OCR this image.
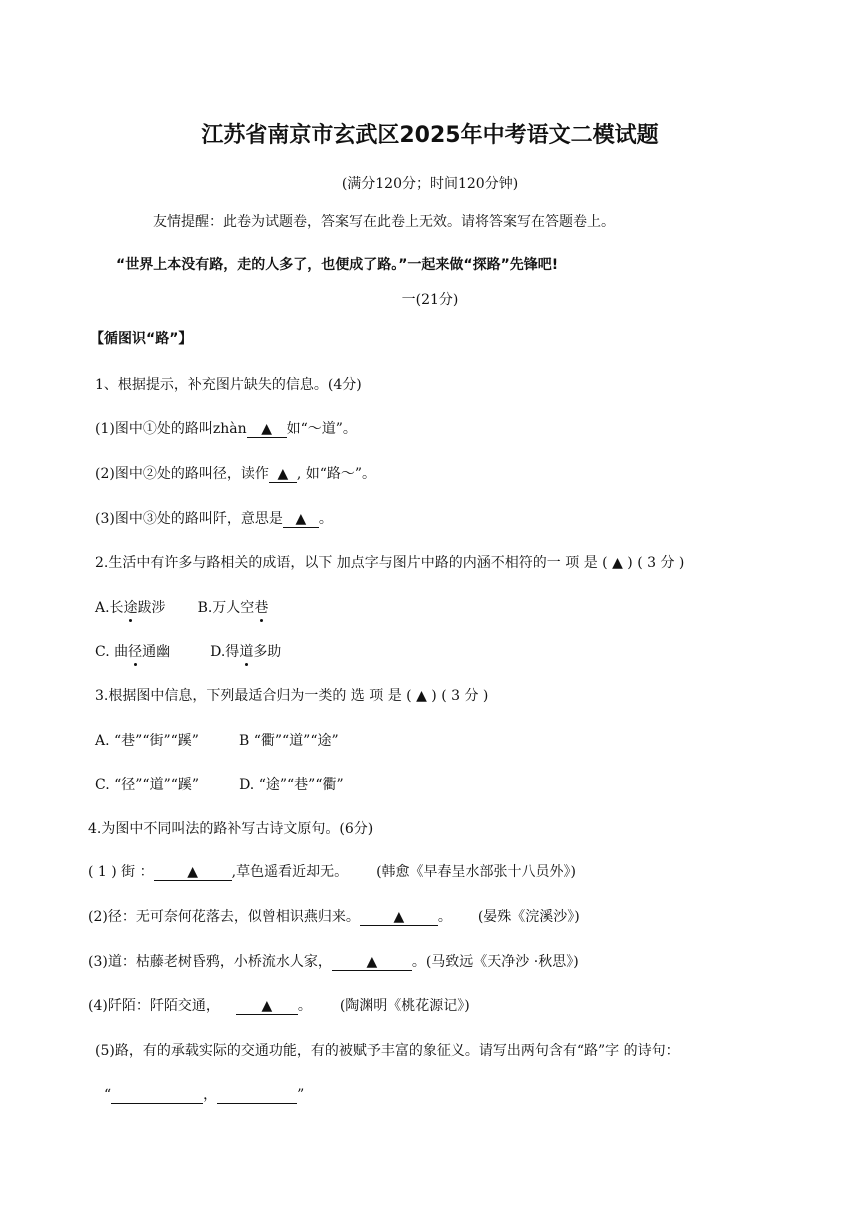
江苏省南京市玄武区2025年中考语文二模试题
(满分120分；时间120分钟)
友情提醒：此卷为试题卷，答案写在此卷上无效。请将答案写在答题卷上。
“世界上本没有路，走的人多了，也便成了路。”一起来做“探路”先锋吧!
一(21分)
【循图识“路”】
1、根据提示，补充图片缺失的信息。(4分)
(1)图中①处的路叫zhàn ▲ 如“～道”。
(2)图中②处的路叫径，读作 ▲ , 如“路～”。
(3)图中③处的路叫阡，意思是 ▲ 。
2.生活中有许多与路相关的成语，以下 加点字与图片中路的内涵不相符的一 项 是 ( ▲ ) ( 3 分 )
A.长途跋涉 B.万人空巷
C. 曲径通幽	D.得道多助
3.根据图中信息，下列最适合归为一类的 选 项 是 ( ▲ ) ( 3 分 )
A. “巷”“街”“蹊”	B “衢”“道”“途”
C. “径”“道”“蹊”	D. “途”“巷”“衢”
4.为图中不同叫法的路补写古诗文原句。(6分)
( 1 ) 街 ： ▲ ,草色遥看近却无。 (韩愈《早春呈水部张十八员外》)
(2)径：无可奈何花落去，似曾相识燕归来。 ▲ 。 (晏殊《浣溪沙》)
(3)道：枯藤老树昏鸦，小桥流水人家， ▲ 。(马致远《天净沙 ·秋思》)
(4)阡陌：阡陌交通，	▲ 。 (陶渊明《桃花源记》)
(5)路，有的承载实际的交通功能，有的被赋予丰富的象征义。请写出两句含有“路”字 的诗句：
“	，	”
